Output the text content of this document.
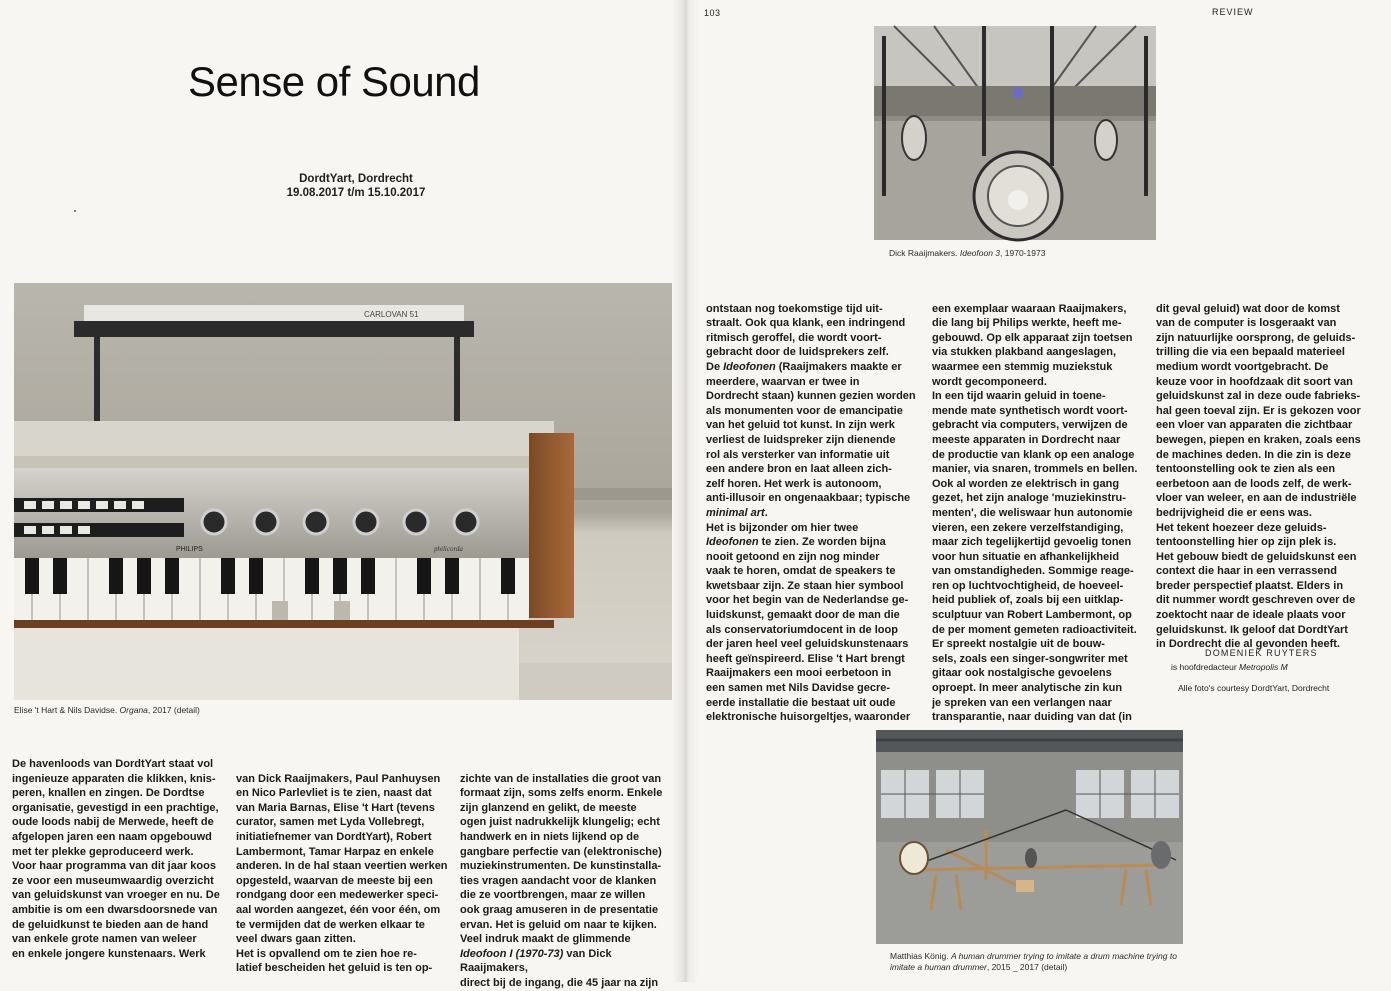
Sense of Sound
DordtYart, Dordrecht
19.08.2017 t/m 15.10.2017
CARLOVAN 51
PHILIPS	philicorda
Elise 't Hart & Nils Davidse. Organa, 2017 (detail)
De havenloods van DordtYart staat vol
ingenieuze apparaten die klikken, knis-
peren, knallen en zingen. De Dordtse
organisatie, gevestigd in een prachtige,
oude loods nabij de Merwede, heeft de
afgelopen jaren een naam opgebouwd
met ter plekke geproduceerd werk.
Voor haar programma van dit jaar koos
ze voor een museumwaardig overzicht
van geluidskunst van vroeger en nu. De
ambitie is om een dwarsdoorsnede van
de geluidkunst te bieden aan de hand
van enkele grote namen van weleer
en enkele jongere kunstenaars. Werk

van Dick Raaijmakers, Paul Panhuysen
en Nico Parlevliet is te zien, naast dat
van Maria Barnas, Elise 't Hart (tevens
curator, samen met Lyda Vollebregt,
initiatiefnemer van DordtYart), Robert
Lambermont, Tamar Harpaz en enkele
anderen. In de hal staan veertien werken
opgesteld, waarvan de meeste bij een
rondgang door een medewerker speci-
aal worden aangezet, één voor één, om
te vermijden dat de werken elkaar te
veel dwars gaan zitten.
Het is opvallend om te zien hoe re-
latief bescheiden het geluid is ten op-

zichte van de installaties die groot van
formaat zijn, soms zelfs enorm. Enkele
zijn glanzend en gelikt, de meeste
ogen juist nadrukkelijk klungelig; echt
handwerk en in niets lijkend op de
gangbare perfectie van (elektronische)
muziekinstrumenten. De kunstinstalla-
ties vragen aandacht voor de klanken
die ze voortbrengen, maar ze willen
ook graag amuseren in de presentatie
ervan. Het is geluid om naar te kijken.
Veel indruk maakt de glimmende
Ideofoon I (1970-73) van Dick Raaijmakers,
direct bij de ingang, die 45 jaar na zijn

103	REVIEW
Dick Raaijmakers. Ideofoon 3, 1970-1973

ontstaan nog toekomstige tijd uit-
straalt. Ook qua klank, een indringend
ritmisch geroffel, die wordt voort-
gebracht door de luidsprekers zelf.
De Ideofonen (Raaijmakers maakte er
meerdere, waarvan er twee in
Dordrecht staan) kunnen gezien worden
als monumenten voor de emancipatie
van het geluid tot kunst. In zijn werk
verliest de luidspreker zijn dienende
rol als versterker van informatie uit
een andere bron en laat alleen zich-
zelf horen. Het werk is autonoom,
anti-illusoir en ongenaakbaar; typische
minimal art.
Het is bijzonder om hier twee
Ideofonen te zien. Ze worden bijna
nooit getoond en zijn nog minder
vaak te horen, omdat de speakers te
kwetsbaar zijn. Ze staan hier symbool
voor het begin van de Nederlandse ge-
luidskunst, gemaakt door de man die
als conservatoriumdocent in de loop
der jaren heel veel geluidskunstenaars
heeft geïnspireerd. Elise 't Hart brengt
Raaijmakers een mooi eerbetoon in
een samen met Nils Davidse gecre-
eerde installatie die bestaat uit oude
elektronische huisorgeltjes, waaronder

een exemplaar waaraan Raaijmakers,
die lang bij Philips werkte, heeft me-
gebouwd. Op elk apparaat zijn toetsen
via stukken plakband aangeslagen,
waarmee een stemmig muziekstuk
wordt gecomponeerd.
In een tijd waarin geluid in toene-
mende mate synthetisch wordt voort-
gebracht via computers, verwijzen de
meeste apparaten in Dordrecht naar
de productie van klank op een analoge
manier, via snaren, trommels en bellen.
Ook al worden ze elektrisch in gang
gezet, het zijn analoge 'muziekinstru-
menten', die weliswaar hun autonomie
vieren, een zekere verzelfstandiging,
maar zich tegelijkertijd gevoelig tonen
voor hun situatie en afhankelijkheid
van omstandigheden. Sommige reage-
ren op luchtvochtigheid, de hoeveel-
heid publiek of, zoals bij een uitklap-
sculptuur van Robert Lambermont, op
de per moment gemeten radioactiviteit.
Er spreekt nostalgie uit de bouw-
sels, zoals een singer-songwriter met
gitaar ook nostalgische gevoelens
oproept. In meer analytische zin kun
je spreken van een verlangen naar
transparantie, naar duiding van dat (in

dit geval geluid) wat door de komst
van de computer is losgeraakt van
zijn natuurlijke oorsprong, de geluids-
trilling die via een bepaald materieel
medium wordt voortgebracht. De
keuze voor in hoofdzaak dit soort van
geluidskunst zal in deze oude fabrieks-
hal geen toeval zijn. Er is gekozen voor
een vloer van apparaten die zichtbaar
bewegen, piepen en kraken, zoals eens
de machines deden. In die zin is deze
tentoonstelling ook te zien als een
eerbetoon aan de loods zelf, de werk-
vloer van weleer, en aan de industriële
bedrijvigheid die er eens was.
Het tekent hoezeer deze geluids-
tentoonstelling hier op zijn plek is.
Het gebouw biedt de geluidskunst een
context die haar in een verrassend
breder perspectief plaatst. Elders in
dit nummer wordt geschreven over de
zoektocht naar de ideale plaats voor
geluidskunst. Ik geloof dat DordtYart
in Dordrecht die al gevonden heeft.

Matthias König. A human drummer trying to imitate a drum machine trying to imitate a human drummer, 2015 _ 2017 (detail)
DOMENIEK RUYTERS
is hoofdredacteur Metropolis M
Alle foto's courtesy DordtYart, Dordrecht
